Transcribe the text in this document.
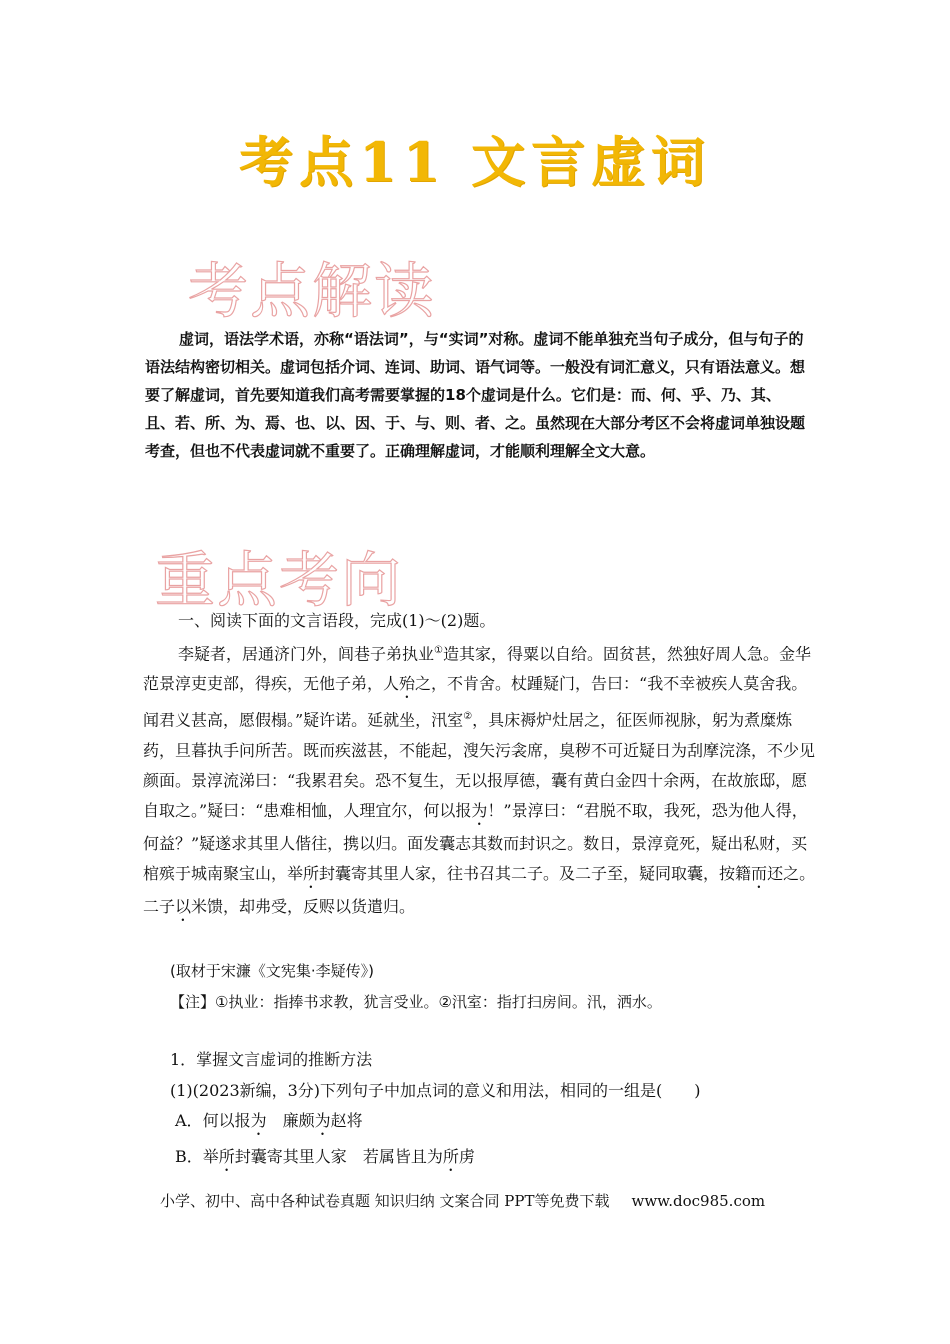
考点11 文言虚词
考点解读

虚词，语法学术语，亦称“语法词”，与“实词”对称。虚词不能单独充当句子成分，但与句子的语法结构密切相关。虚词包括介词、连词、助词、语气词等。一般没有词汇意义，只有语法意义。想要了解虚词，首先要知道我们高考需要掌握的18个虚词是什么。它们是：而、何、乎、乃、其、且、若、所、为、焉、也、以、因、于、与、则、者、之。虽然现在大部分考区不会将虚词单独设题考查，但也不代表虚词就不重要了。正确理解虚词，才能顺利理解全文大意。

重点考向
一、阅读下面的文言语段，完成(1)～(2)题。

李疑者，居通济门外，闾巷子弟执业①造其家，得粟以自给。固贫甚，然独好周人急。金华范景淳吏吏部，得疾，无他子弟，人殆之，不肯舍。杖踵疑门，告曰：“我不幸被疾人莫舍我。闻君义甚高，愿假榻。”疑许诺。延就坐，汛室②，具床褥炉灶居之，征医师视脉，躬为煮糜炼药，旦暮执手问所苦。既而疾滋甚，不能起，溲矢污衾席，臭秽不可近疑日为刮摩浣涤，不少见颜面。景淳流涕曰：“我累君矣。恐不复生，无以报厚德，囊有黄白金四十余两，在故旅邸，愿自取之。”疑曰：“患难相恤，人理宜尔，何以报为！”景淳曰：“君脱不取，我死，恐为他人得，何益？”疑遂求其里人偕往，携以归。面发囊志其数而封识之。数日，景淳竟死，疑出私财，买棺殡于城南聚宝山，举所封囊寄其里人家，往书召其二子。及二子至，疑同取囊，按籍而还之。二子以米馈，却弗受，反赆以货遣归。

(取材于宋濂《文宪集·李疑传》)
【注】①执业：指捧书求教，犹言受业。②汛室：指打扫房间。汛，洒水。
1．掌握文言虚词的推断方法
(1)(2023新编，3分)下列句子中加点词的意义和用法，相同的一组是(　　)
A．何以报为　 廉颇为赵将
B．举所封囊寄其里人家　 若属皆且为所虏
小学、初中、高中各种试卷真题 知识归纳 文案合同 PPT等免费下载 www.doc985.com
